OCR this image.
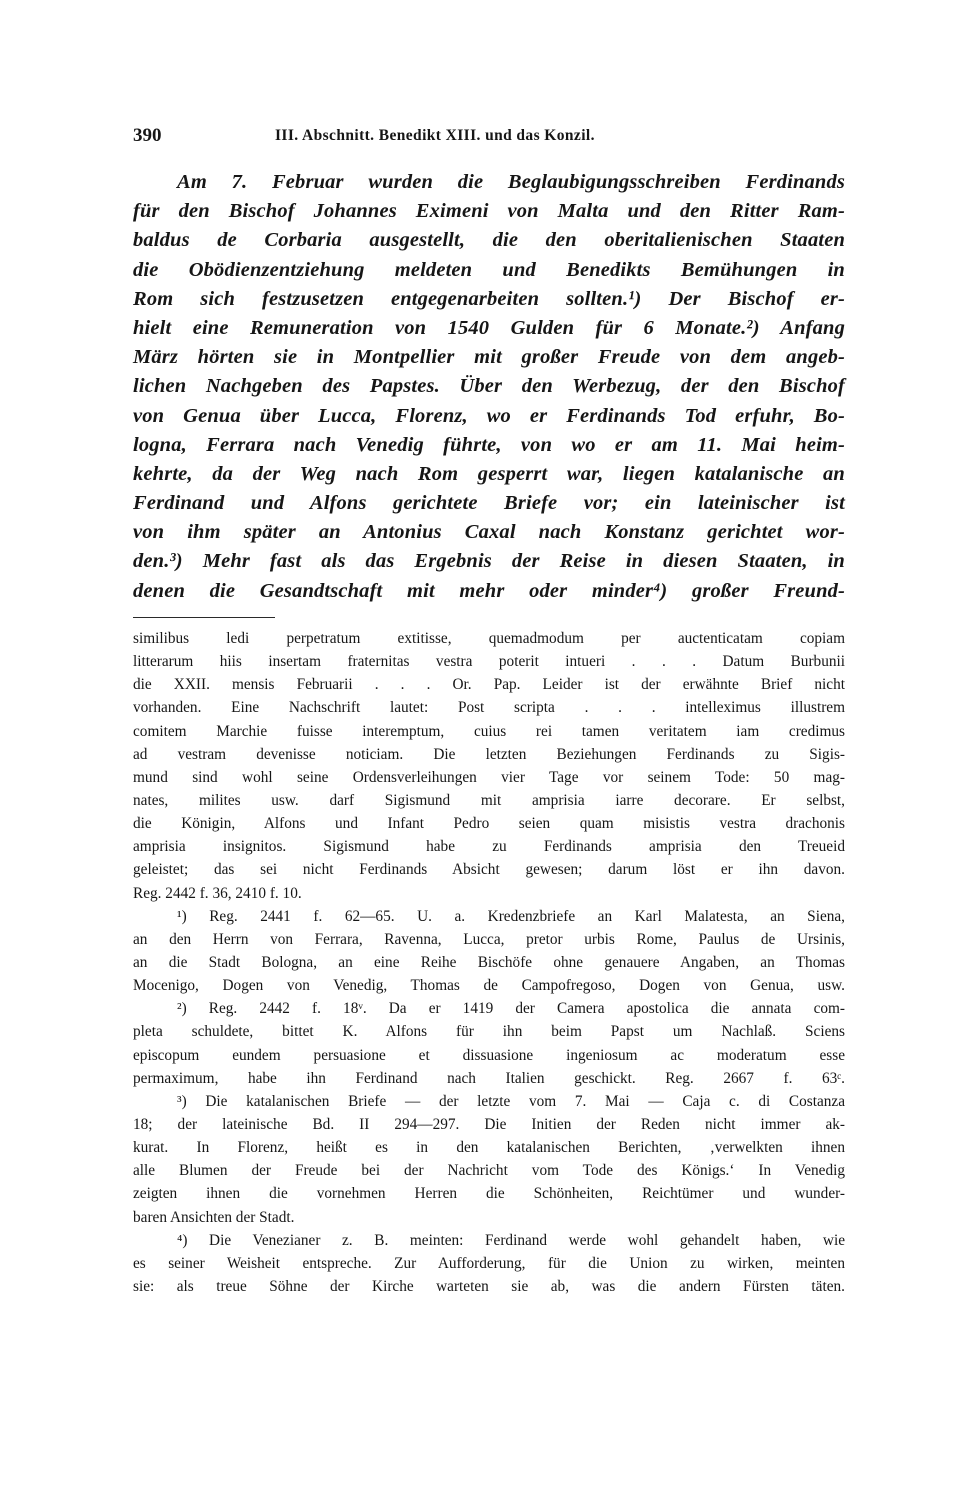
390	III. Abschnitt. Benedikt XIII. und das Konzil.
Am 7. Februar wurden die Beglaubigungsschreiben Ferdinands
für den Bischof Johannes Eximeni von Malta und den Ritter Ram-
baldus de Corbaria ausgestellt, die den oberitalienischen Staaten
die Obödienzentziehung meldeten und Benedikts Bemühungen in
Rom sich festzusetzen entgegenarbeiten sollten.¹) Der Bischof er-
hielt eine Remuneration von 1540 Gulden für 6 Monate.²) Anfang
März hörten sie in Montpellier mit großer Freude von dem angeb-
lichen Nachgeben des Papstes. Über den Werbezug, der den Bischof
von Genua über Lucca, Florenz, wo er Ferdinands Tod erfuhr, Bo-
logna, Ferrara nach Venedig führte, von wo er am 11. Mai heim-
kehrte, da der Weg nach Rom gesperrt war, liegen katalanische an
Ferdinand und Alfons gerichtete Briefe vor; ein lateinischer ist
von ihm später an Antonius Caxal nach Konstanz gerichtet wor-
den.³) Mehr fast als das Ergebnis der Reise in diesen Staaten, in
denen die Gesandtschaft mit mehr oder minder⁴) großer Freund-
similibus ledi perpetratum extitisse, quemadmodum per auctenticatam copiam
litterarum hiis insertam fraternitas vestra poterit intueri . . . Datum Burbunii
die XXII. mensis Februarii . . . Or. Pap. Leider ist der erwähnte Brief nicht
vorhanden. Eine Nachschrift lautet: Post scripta . . . intelleximus illustrem
comitem Marchie fuisse interemptum, cuius rei tamen veritatem iam credimus
ad vestram devenisse noticiam. Die letzten Beziehungen Ferdinands zu Sigis-
mund sind wohl seine Ordensverleihungen vier Tage vor seinem Tode: 50 mag-
nates, milites usw. darf Sigismund mit amprisia iarre decorare. Er selbst,
die Königin, Alfons und Infant Pedro seien quam misistis vestra drachonis
amprisia insignitos. Sigismund habe zu Ferdinands amprisia den Treueid
geleistet; das sei nicht Ferdinands Absicht gewesen; darum löst er ihn davon.
Reg. 2442 f. 36, 2410 f. 10.
¹) Reg. 2441 f. 62—65. U. a. Kredenzbriefe an Karl Malatesta, an Siena,
an den Herrn von Ferrara, Ravenna, Lucca, pretor urbis Rome, Paulus de Ursinis,
an die Stadt Bologna, an eine Reihe Bischöfe ohne genauere Angaben, an Thomas
Mocenigo, Dogen von Venedig, Thomas de Campofregoso, Dogen von Genua, usw.
²) Reg. 2442 f. 18ᵛ. Da er 1419 der Camera apostolica die annata com-
pleta schuldete, bittet K. Alfons für ihn beim Papst um Nachlaß. Sciens
episcopum eundem persuasione et dissuasione ingeniosum ac moderatum esse
permaximum, habe ihn Ferdinand nach Italien geschickt. Reg. 2667 f. 63ᶜ.
³) Die katalanischen Briefe — der letzte vom 7. Mai — Caja c. di Costanza
18; der lateinische Bd. II 294—297. Die Initien der Reden nicht immer ak-
kurat. In Florenz, heißt es in den katalanischen Berichten, ‚verwelkten ihnen
alle Blumen der Freude bei der Nachricht vom Tode des Königs.‘ In Venedig
zeigten ihnen die vornehmen Herren die Schönheiten, Reichtümer und wunder-
baren Ansichten der Stadt.
⁴) Die Venezianer z. B. meinten: Ferdinand werde wohl gehandelt haben, wie
es seiner Weisheit entspreche. Zur Aufforderung, für die Union zu wirken, meinten
sie: als treue Söhne der Kirche warteten sie ab, was die andern Fürsten täten.
